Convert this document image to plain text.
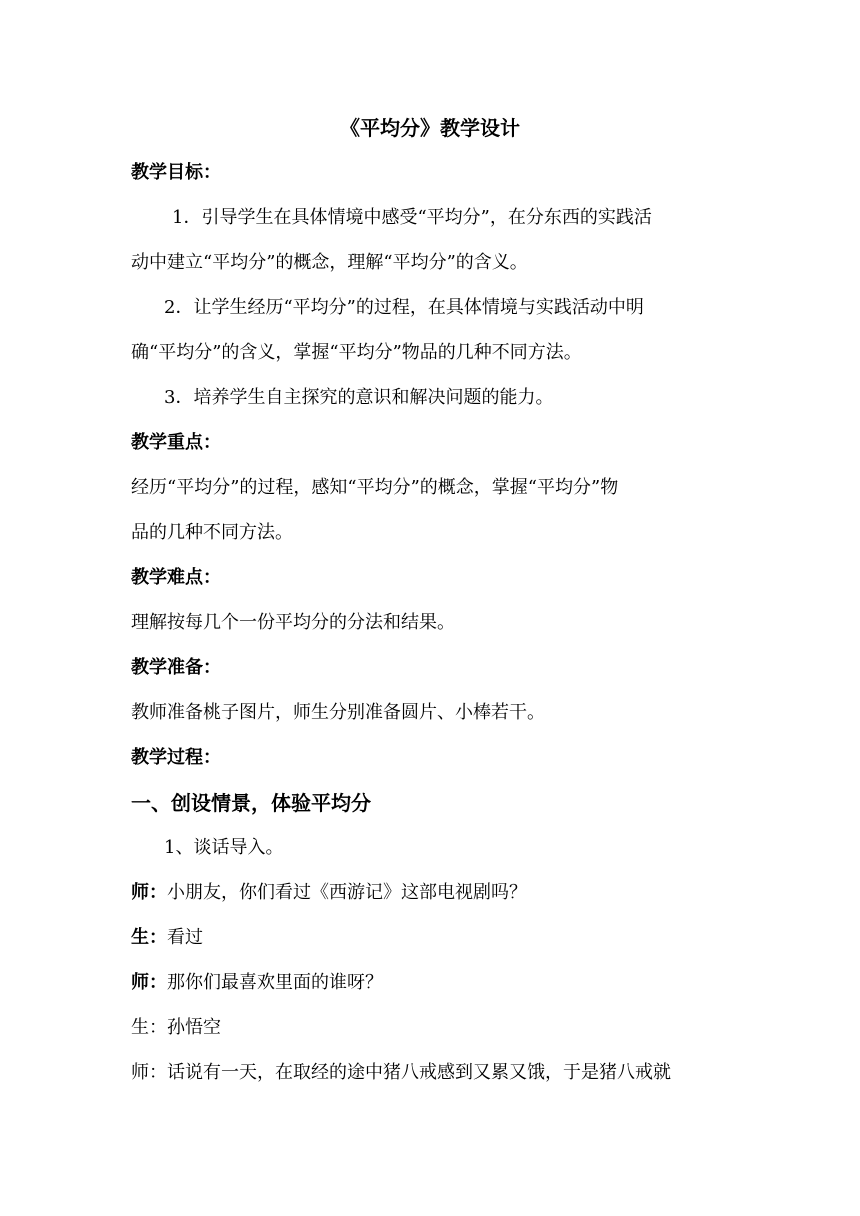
《平均分》教学设计
教学目标：
1．引导学生在具体情境中感受“平均分”，在分东西的实践活
动中建立“平均分”的概念，理解“平均分”的含义。
2．让学生经历“平均分”的过程，在具体情境与实践活动中明
确“平均分”的含义，掌握“平均分”物品的几种不同方法。
3．培养学生自主探究的意识和解决问题的能力。
教学重点：
经历“平均分”的过程，感知“平均分”的概念，掌握“平均分”物
品的几种不同方法。
教学难点：
理解按每几个一份平均分的分法和结果。
教学准备：
教师准备桃子图片，师生分别准备圆片、小棒若干。
教学过程：
一、创设情景，体验平均分
1、谈话导入。
师：小朋友，你们看过《西游记》这部电视剧吗？
生：看过
师：那你们最喜欢里面的谁呀？
生：孙悟空
师：话说有一天，在取经的途中猪八戒感到又累又饿，于是猪八戒就
